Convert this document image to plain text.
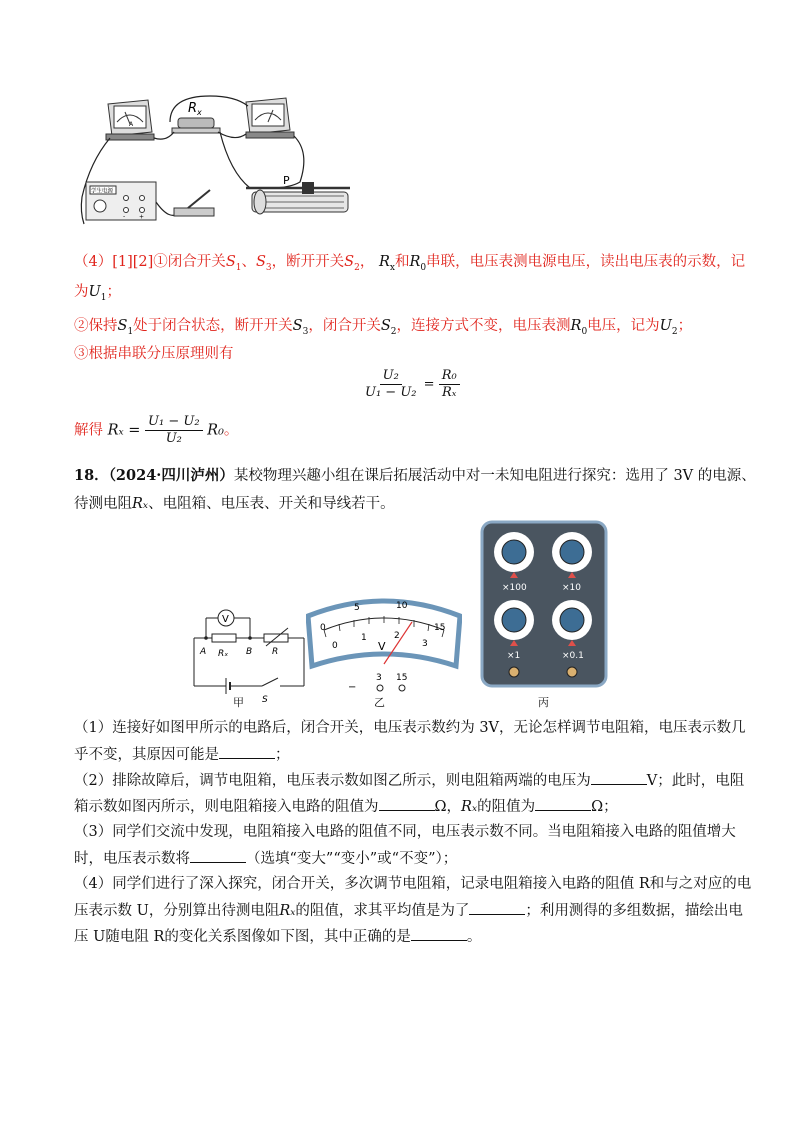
A
$R_x$
学生电源
- +
P
（4）[1][2]①闭合开关$S_1$、$S_3$，断开开关$S_2$， $R_x$和$R_0$串联，电压表测电源电压，读出电压表的示数，记
为$U_1$；
②保持$S_1$处于闭合状态，断开开关$S_3$，闭合开关$S_2$，连接方式不变，电压表测$R_0$电压，记为$U_2$；
③根据串联分压原理则有
$\frac{\text{U₂}}{\text{U₁ − U₂}} = \frac{\text{R₀}}{\text{Rₓ}}$
解得 $R_x = \frac{\text{U₁ − U₂}}{\text{U₂}} R_0$。
18．（2024·四川泸州）某校物理兴趣小组在课后拓展活动中对一未知电阻进行探究：选用了 3V 的电源、
待测电阻Rₓ、电阻箱、电压表、开关和导线若干。
V
A Rₓ B R
S
甲
0
5	10
15
0
1	2
3
V
−
3 15
乙
×100	×10
×1	×0.1
丙
（1）连接好如图甲所示的电路后，闭合开关，电压表示数约为 3V，无论怎样调节电阻箱，电压表示数几
乎不变，其原因可能是	；
（2）排除故障后，调节电阻箱，电压表示数如图乙所示，则电阻箱两端的电压为	V；此时，电阻
箱示数如图丙所示，则电阻箱接入电路的阻值为	Ω，Rₓ的阻值为	Ω；
（3）同学们交流中发现，电阻箱接入电路的阻值不同，电压表示数不同。当电阻箱接入电路的阻值增大
时，电压表示数将	（选填“变大”“变小”或“不变”）；
（4）同学们进行了深入探究，闭合开关，多次调节电阻箱，记录电阻箱接入电路的阻值 R和与之对应的电
压表示数 U，分别算出待测电阻Rₓ的阻值，求其平均值是为了	；利用测得的多组数据，描绘出电
压 U随电阻 R的变化关系图像如下图，其中正确的是	。
